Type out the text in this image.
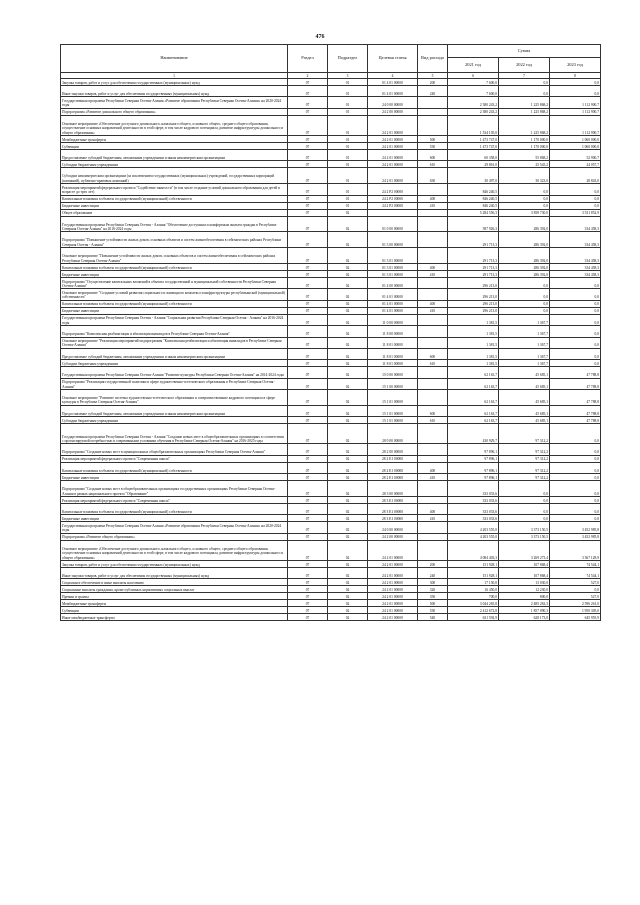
476
Наименование	Раздел	Подраздел	Целевая статья	Вид расхода	Сумма		
					2021 год	2022 год	2023 год
1	2	3	4	5	6	7	8
Закупка товаров, работ и услуг для обеспечения государственных (муниципальных) нужд	07	01	01 4 01 00000	200	7 600,0	0,0	0,0
Иные закупки товаров, работ и услуг для обеспечения государственных (муниципальных) нужд	07	01	01 4 01 00000	240	7 600,0	0,0	0,0
Государственная программа Республики Северная Осетия-Алания «Развитие образования Республики Северная Осетия-Алания» на 2020-2024 годы	07	01	24 0 00 00000		2 380 243,2	1 225 868,2	1 112 900,7
Подпрограмма «Развитие дошкольного общего образования»	07	01	24 2 00 00000		2 380 243,2	1 225 868,2	1 112 900,7
Основное мероприятие «Обеспечение доступного дошкольного, начального общего, основного общего, среднего общего образования, осуществление основных направлений деятельности в этой сфере, в том числе кадрового потенциала, развитие инфраструктуры дошкольного и общего образования»	07	01	24 2 01 00000		1 534 105,0	1 225 868,2	1 112 900,7
Межбюджетные трансферты	07	01	24 2 01 00000	500	1 473 747,0	1 170 000,0	1 060 000,0
Субвенции	07	01	24 2 01 00000	530	1 473 747,0	1 170 000,0	1 060 000,0
Предоставление субсидий бюджетным, автономным учреждениям и иным некоммерческим организациям	07	01	24 2 01 00000	600	60 358,0	55 868,2	52 900,7
Субсидии бюджетным учреждениям	07	01	24 2 01 00000	610	29 861,0	25 545,2	24 057,7
Субсидии некоммерческим организациям (за исключением государственных (муниципальных) учреждений, государственных корпораций (компаний), публично-правовых компаний)	07	01	24 2 01 00000	630	30 497,0	30 323,0	28 843,0
Реализация мероприятий федерального проекта "Содействие занятости" (в том числе создание условий дошкольного образования для детей в возрасте до трех лет)	07	01	24 2 P2 00000		846 240,5	0,0	0,0
Капитальные вложения в объекты государственной (муниципальной) собственности	07	01	24 2 P2 00000	400	846 240,5	0,0	0,0
Бюджетные инвестиции	07	01	24 2 P2 00000	410	846 240,5	0,0	0,0
Общее образование	07	02			5 284 556,3	3 858 730,0	3 531 852,9
Государственная программа Республики Северная Осетия - Алания "Обеспечение доступным и комфортным жильем граждан в Республике Северная Осетия-Алания" на 2016-2024 годы	07	02	01 0 00 00000		587 926,3	286 392,0	334 458,3
Подпрограмма "Повышение устойчивости жилых домов, основных объектов и систем жизнеобеспечения в сейсмических районах Республики Северная Осетия - Алания"	07	02	01 3 00 00000		291 713,3	286 392,0	334 458,3
Основное мероприятие "Повышение устойчивости жилых домов, основных объектов и систем жизнеобеспечения в сейсмических районах Республики Северная Осетия-Алания"	07	02	01 3 01 00000		291 713,3	286 392,0	334 458,3
Капитальные вложения в объекты государственной (муниципальной) собственности	07	02	01 3 01 00000	400	291 713,3	286 392,0	334 458,3
Бюджетные инвестиции	07	02	01 3 01 00000	410	291 713,3	286 392,0	334 458,3
Подпрограмма "Осуществление капитальных вложений в объекты государственной и муниципальной собственности Республики Северная Осетия-Алания"	07	02	01 4 00 00000		296 213,0	0,0	0,0
Основное мероприятие "Создание условий развития социального и жилищного комплекса и инфраструктуры республиканской (муниципальной) собственности"	07	02	01 4 01 00000		296 213,0	0,0	0,0
Капитальные вложения в объекты государственной (муниципальной) собственности	07	02	01 4 01 00000	400	296 213,0	0,0	0,0
Бюджетные инвестиции	07	02	01 4 01 00000	410	296 213,0	0,0	0,0
Государственная программа Республики Северная Осетия - Алания "Социальная развития Республики Северная Осетия - Алания" на 2016-2024 годы	07	02	11 0 00 00000		1 381,5	1 367,7	0,0
Подпрограмма "Комплексная реабилитация и абилитация инвалидов в Республике Северная Осетия-Алания"	07	02	11 8 00 00000		1 381,5	1 367,7	0,0
Основное мероприятие "Реализация мероприятий подпрограммы "Комплексная реабилитация и абилитация инвалидов в Республике Северная Осетия-Алания"	07	02	11 8 01 00000		1 381,5	1 367,7	0,0
Предоставление субсидий бюджетным, автономным учреждениям и иным некоммерческим организациям	07	02	11 8 01 00000	600	1 381,5	1 367,7	0,0
Субсидии бюджетным учреждениям	07	02	11 8 01 00000	610	1 381,5	1 367,7	0,0
Государственная программа Республики Северная Осетия-Алания "Развитие культуры Республики Северная Осетия-Алания" на 2014-2024 годы	07	02	15 0 00 00000		62 163,7	45 685,1	47 788,8
Подпрограмма "Реализация государственной политики в сфере художественно-эстетического образования в Республике Северная Осетия-Алания"	07	02	15 1 00 00000		62 163,7	45 685,1	47 788,8
Основное мероприятие "Развитие системы художественно-эстетического образования и совершенствование кадрового потенциала в сфере культуры в Республике Северная Осетия-Алания"	07	02	15 1 01 00000		62 163,7	45 685,1	47 788,8
Предоставление субсидий бюджетным, автономным учреждениям и иным некоммерческим организациям	07	02	15 1 01 00000	600	62 163,7	45 685,1	47 788,8
Субсидии бюджетным учреждениям	07	02	15 1 01 00000	610	62 163,7	45 685,1	47 788,8
Государственная программа Республики Северная Осетия - Алания "Создание новых мест в общеобразовательных организациях в соответствии с прогнозируемой потребностью и современными условиями обучения в Республике Северная Осетия-Алания" на 2016-2025 годы	07	02	28 0 00 00000		430 929,7	97 312,2	0,0
Подпрограмма "Создание новых мест в муниципальных общеобразовательных организациях Республики Северная Осетия-Алания"	07	02	28 2 00 00000		97 896,1	97 312,2	0,0
Реализация мероприятий федерального проекта "Современная школа"	07	02	28 2 E1 00000		97 896,1	97 312,2	0,0
Капитальные вложения в объекты государственной (муниципальной) собственности	07	02	28 2 E1 00000	400	97 896,1	97 312,2	0,0
Бюджетные инвестиции	07	02	28 2 E1 00000	410	97 896,1	97 312,2	0,0
Подпрограмма "Создание новых мест в общеобразовательных организациях государственных организациях Республики Северная Осетия-Алания в рамках национального проекта "Образование"	07	02	28 3 00 00000		333 033,6	0,0	0,0
Реализация мероприятий федерального проекта "Современная школа"	07	02	28 3 E1 00000		333 033,6	0,0	0,0
Капитальные вложения в объекты государственной (муниципальной) собственности	07	02	28 3 E1 00000	400	333 033,6	0,0	0,0
Бюджетные инвестиции	07	02	28 3 E1 00000	410	333 033,6	0,0	0,0
Государственная программа Республики Северная Осетия-Алания «Развитие образования Республики Северная Осетия-Алания» на 2020-2024 годы	07	02	24 0 00 00000		4 203 555,0	3 373 150,5	3 452 985,8
Подпрограмма «Развитие общего образования»	07	02	24 2 00 00000		4 203 555,0	3 373 150,5	3 452 985,8
Основное мероприятие «Обеспечение доступного дошкольного, начального общего, основного общего, среднего общего образования, осуществление основных направлений деятельности в этой сфере, в том числе кадрового потенциала, развитие инфраструктуры дошкольного и общего образования»	07	02	24 2 01 00000		4 084 403,3	3 269 273,4	3 367 128,9
Закупка товаров, работ и услуг для обеспечения государственных (муниципальных) нужд	07	02	24 2 01 00000	200	151 928,1	107 868,4	74 544,1
Иные закупки товаров, работ и услуг для обеспечения государственных (муниципальных) нужд	07	02	24 2 01 00000	240	151 928,1	107 868,4	74 544,1
Социальное обеспечение и иные выплаты населению	07	02	24 2 01 00000	300	17 150,0	13 030,0	527,0
Социальные выплаты гражданам, кроме публичных нормативных социальных выплат	07	02	24 2 01 00000	320	16 450,0	12 230,0	0,0
Премии и гранты	07	02	24 2 01 00000	350	700,0	800,0	527,0
Межбюджетные трансферты	07	02	24 2 01 00000	500	3 044 265,8	2 485 263,3	2 596 261,0
Субвенции	07	02	24 2 01 00000	530	2 412 672,8	1 857 090,3	1 950 305,0
Иные межбюджетные трансферты	07	02	24 2 01 00000	540	631 592,9	628 173,0	645 955,9
